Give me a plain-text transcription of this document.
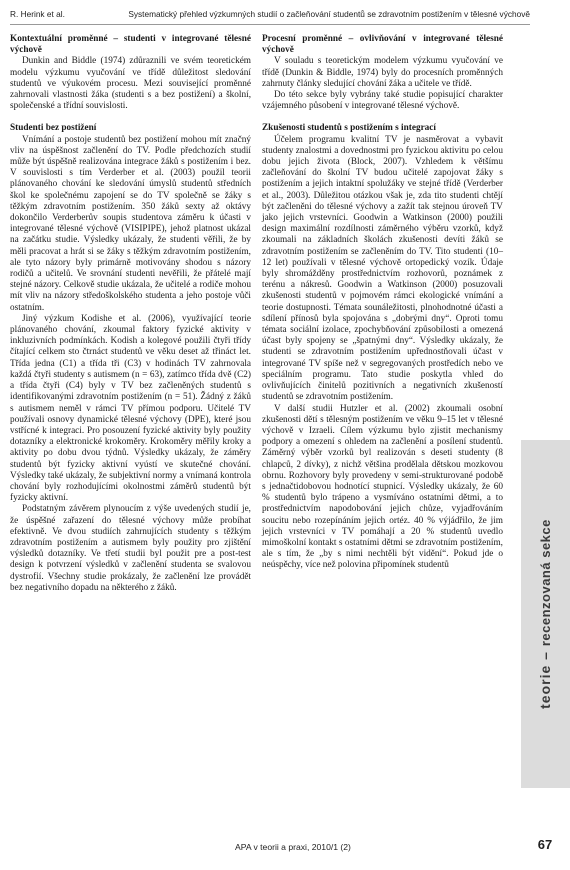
R. Herink et al.	Systematický přehled výzkumných studií o začleňování studentů se zdravotním postižením v tělesné výchově
Kontextuální proměnné – studenti v integrované tělesné výchově

Dunkin and Biddle (1974) zdůraznili ve svém teoretickém modelu výzkumu vyučování ve třídě důležitost sledování studentů ve výukovém procesu. Mezi související proměnné zahrnovali vlastnosti žáka (studenti s a bez postižení) a školní, společenské a třídní souvislosti.

Studenti bez postižení

Vnímání a postoje studentů bez postižení mohou mít značný vliv na úspěšnost začlenění do TV. Podle předchozích studií může být úspěšně realizována integrace žáků s postižením i bez. V souvislosti s tím Verderber et al. (2003) použil teorii plánovaného chování ke sledování úmyslů studentů středních škol ke společnému zapojení se do TV společně se žáky s těžkým zdravotním postižením. 350 žáků sexty až oktávy dokončilo Verderberův soupis studentova záměru k účasti v integrované tělesné výchově (VISIPIPE), jehož platnost ukázal na začátku studie. Výsledky ukázaly, že studenti věřili, že by měli pracovat a hrát si se žáky s těžkým zdravotním postižením, ale tyto názory byly primárně motivovány shodou s názory rodičů a učitelů. Ve srovnání studenti nevěřili, že přátelé mají stejné názory. Celkově studie ukázala, že učitelé a rodiče mohou mít vliv na názory středoškolského studenta a jeho postoje vůči ostatním.

Jiný výzkum Kodishe et al. (2006), využívající teorie plánovaného chování, zkoumal faktory fyzické aktivity v inkluzivních podmínkách. Kodish a kolegové použili čtyři třídy čítající celkem sto čtrnáct studentů ve věku deset až třináct let. Třída jedna (C1) a třída tři (C3) v hodinách TV zahrnovala každá čtyři studenty s autismem (n = 63), zatímco třída dvě (C2) a třída čtyři (C4) byly v TV bez začleněných studentů s identifikovanými zdravotním postižením (n = 51). Žádný z žáků s autismem neměl v rámci TV přímou podporu. Učitelé TV používali osnovy dynamické tělesné výchovy (DPE), které jsou vstřícné k integraci. Pro posouzení fyzické aktivity byly použity dotazníky a elektronické krokoměry. Krokoměry měřily kroky a aktivity po dobu dvou týdnů. Výsledky ukázaly, že záměry studentů být fyzicky aktivní vyústí ve skutečné chování. Výsledky také ukázaly, že subjektivní normy a vnímaná kontrola chování byly rozhodujícími okolnostmi záměrů studentů být fyzicky aktivní.

Podstatným závěrem plynoucím z výše uvedených studií je, že úspěšné zařazení do tělesné výchovy může probíhat efektivně. Ve dvou studiích zahrnujících studenty s těžkým zdravotním postižením a autismem byly použity pro zjištění výsledků dotazníky. Ve třetí studii byl použit pre a post-test design k potvrzení výsledků v začlenění studenta se svalovou dystrofií. Všechny studie prokázaly, že začlenění lze provádět bez negativního dopadu na některého z žáků.

Procesní proměnné – ovlivňování v integrované tělesné výchově

V souladu s teoretickým modelem výzkumu vyučování ve třídě (Dunkin & Biddle, 1974) byly do procesních proměnných zahrnuty články sledující chování žáka a učitele ve třídě.

Do této sekce byly vybrány také studie popisující charakter vzájemného působení v integrované tělesné výchově.

Zkušenosti studentů s postižením s integrací

Účelem programu kvalitní TV je nasměrovat a vybavit studenty znalostmi a dovednostmi pro fyzickou aktivitu po celou dobu jejich života (Block, 2007). Vzhledem k většímu začleňování do školní TV budou učitelé zapojovat žáky s postižením a jejich intaktní spolužáky ve stejné třídě (Verderber et al., 2003). Důležitou otázkou však je, zda tito studenti chtějí být začleněni do tělesné výchovy a zažít tak stejnou úroveň TV jako jejich vrstevníci. Goodwin a Watkinson (2000) použili design maximální rozdílnosti záměrného výběru vzorků, když zkoumali na základních školách zkušenosti devíti žáků se zdravotním postižením se začleněním do TV. Tito studenti (10–12 let) používali v tělesné výchově ortopedický vozík. Údaje byly shromážděny prostřednictvím rozhovorů, poznámek z terénu a nákresů. Goodwin a Watkinson (2000) posuzovali zkušenosti studentů v pojmovém rámci ekologické vnímání a teorie dostupnosti. Témata sounáležitosti, plnohodnotné účasti a sdílení přínosů byla spojována s „dobrými dny“. Oproti tomu témata sociální izolace, zpochybňování způsobilosti a omezená účast byly spojeny se „špatnými dny“. Výsledky ukázaly, že studenti se zdravotním postižením upřednostňovali účast v integrované TV spíše než v segregovaných prostředích nebo ve speciálním programu. Tato studie poskytla vhled do ovlivňujících činitelů pozitivních a negativních zkušeností studentů se zdravotním postižením.

V další studii Hutzler et al. (2002) zkoumali osobní zkušenosti dětí s tělesným postižením ve věku 9–15 let v tělesné výchově v Izraeli. Cílem výzkumu bylo zjistit mechanismy podpory a omezení s ohledem na začlenění a posílení studentů. Záměrný výběr vzorků byl realizován s deseti studenty (8 chlapců, 2 dívky), z nichž většina prodělala dětskou mozkovou obrnu. Rozhovory byly provedeny v semi-strukturované podobě s jednačtidobovou hodnotící stupnicí. Výsledky ukázaly, že 60 % studentů bylo trápeno a vysmíváno ostatními dětmi, a to prostřednictvím napodobování jejich chůze, vyjadřováním soucitu nebo rozepínáním jejich ortéz. 40 % výjádřilo, že jim jejich vrstevníci v TV pomáhají a 20 % studentů uvedlo mimoškolní kontakt s ostatními dětmi se zdravotním postižením, ale s tím, že „by s nimi nechtěli být vidění“. Pokud jde o neúspěchy, více než polovina připomínek studentů

teorie – recenzovaná sekce
APA v teorii a praxi, 2010/1 (2)	67
